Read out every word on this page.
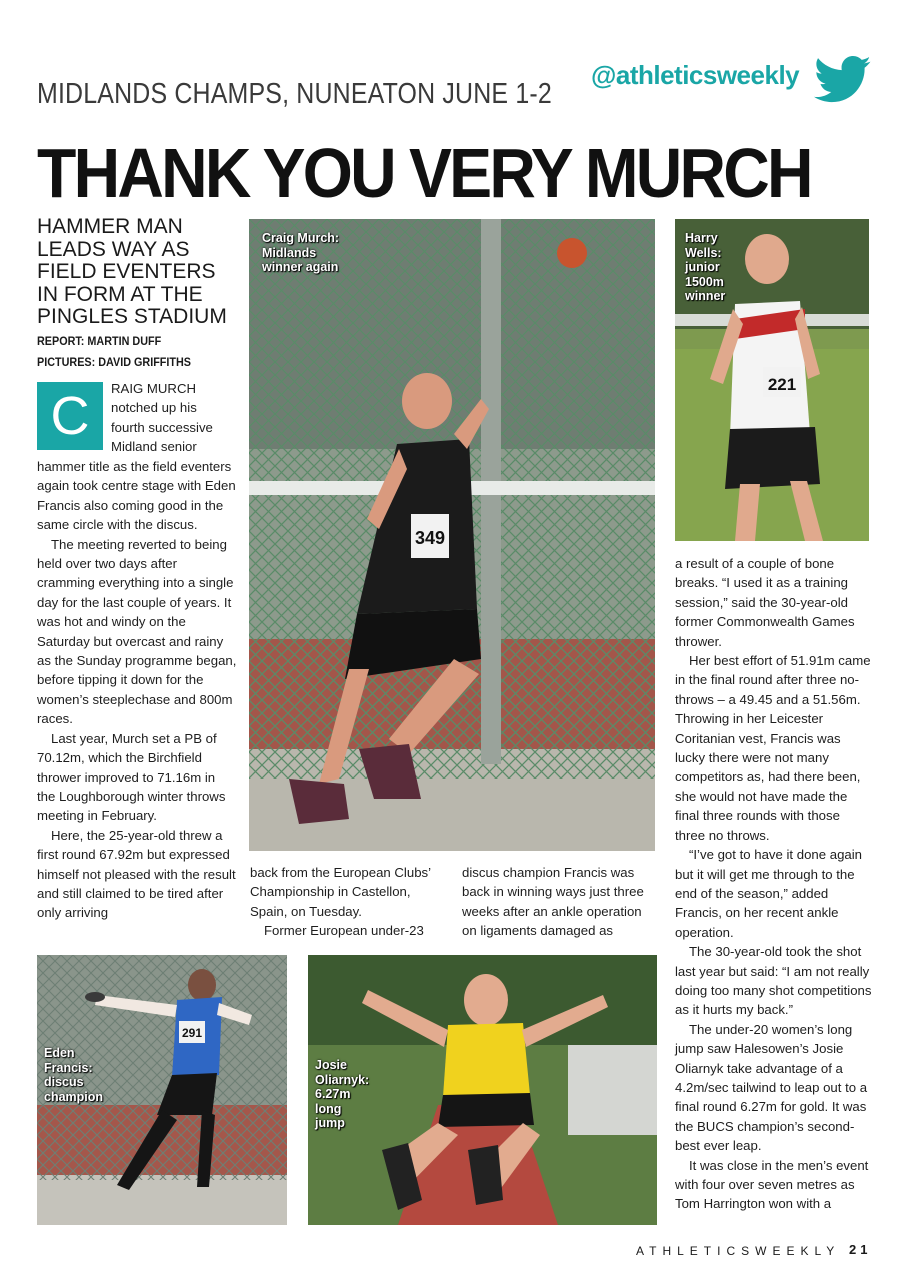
MIDLANDS CHAMPS, NUNEATON JUNE 1-2
@athleticsweekly
THANK YOU VERY MURCH
HAMMER MAN LEADS WAY AS FIELD EVENTERS IN FORM AT THE PINGLES STADIUM
REPORT: MARTIN DUFF
PICTURES: DAVID GRIFFITHS
C	RAIG MURCH
notched up his
fourth successive
Midland senior

hammer title as the field eventers again took centre stage with Eden Francis also coming good in the same circle with the discus.

The meeting reverted to being held over two days after cramming everything into a single day for the last couple of years. It was hot and windy on the Saturday but overcast and rainy as the Sunday programme began, before tipping it down for the women’s steeplechase and 800m races.

Last year, Murch set a PB of 70.12m, which the Birchfield thrower improved to 71.16m in the Loughborough winter throws meeting in February.

Here, the 25-year-old threw a first round 67.92m but expressed himself not pleased with the result and still claimed to be tired after only arriving

back from the European Clubs’ Championship in Castellon, Spain, on Tuesday.

Former European under-23

discus champion Francis was back in winning ways just three weeks after an ankle operation on ligaments damaged as

a result of a couple of bone breaks. “I used it as a training session,” said the 30-year-old former Commonwealth Games thrower.

Her best effort of 51.91m came in the final round after three no-throws – a 49.45 and a 51.56m. Throwing in her Leicester Coritanian vest, Francis was lucky there were not many competitors as, had there been, she would not have made the final three rounds with those three no throws.

“I’ve got to have it done again but it will get me through to the end of the season,” added Francis, on her recent ankle operation.

The 30-year-old took the shot last year but said: “I am not really doing too many shot competitions as it hurts my back.”

The under-20 women’s long jump saw Halesowen’s Josie Oliarnyk take advantage of a 4.2m/sec tailwind to leap out to a final round 6.27m for gold. It was the BUCS champion’s second-best ever leap.

It was close in the men’s event with four over seven metres as Tom Harrington won with a

349
Craig Murch:
Midlands
winner again
221
Harry
Wells:
junior
1500m
winner
291
Eden
Francis:
discus
champion
Josie
Oliarnyk:
6.27m
long
jump
ATHLETICSWEEKLY 21
